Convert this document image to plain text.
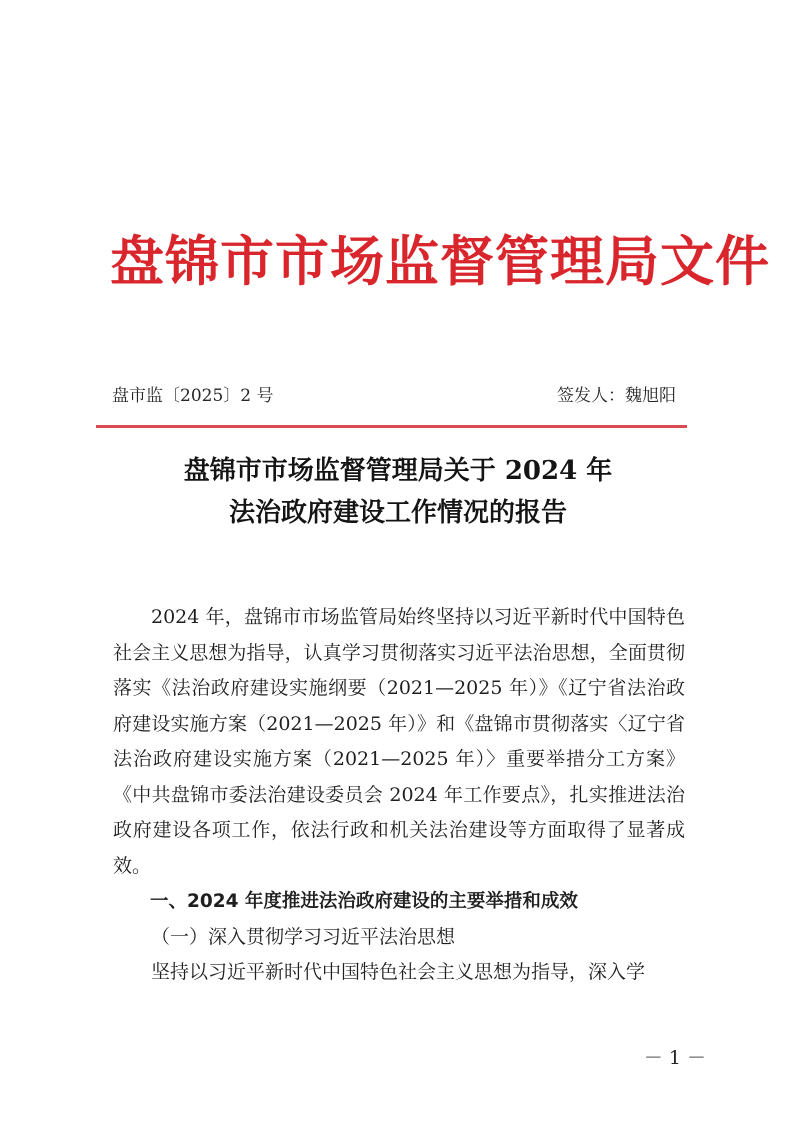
盘锦市市场监督管理局文件
盘市监〔2025〕2 号	签发人：魏旭阳
盘锦市市场监督管理局关于 2024 年
法治政府建设工作情况的报告

2024 年，盘锦市市场监管局始终坚持以习近平新时代中国特色社会主义思想为指导，认真学习贯彻落实习近平法治思想，全面贯彻落实《法治政府建设实施纲要（2021—2025 年）》《辽宁省法治政府建设实施方案（2021—2025 年）》和《盘锦市贯彻落实〈辽宁省法治政府建设实施方案（2021—2025 年）〉重要举措分工方案》《中共盘锦市委法治建设委员会 2024 年工作要点》，扎实推进法治政府建设各项工作，依法行政和机关法治建设等方面取得了显著成效。

一、2024 年度推进法治政府建设的主要举措和成效

（一）深入贯彻学习习近平法治思想

坚持以习近平新时代中国特色社会主义思想为指导，深入学

－ 1 －
